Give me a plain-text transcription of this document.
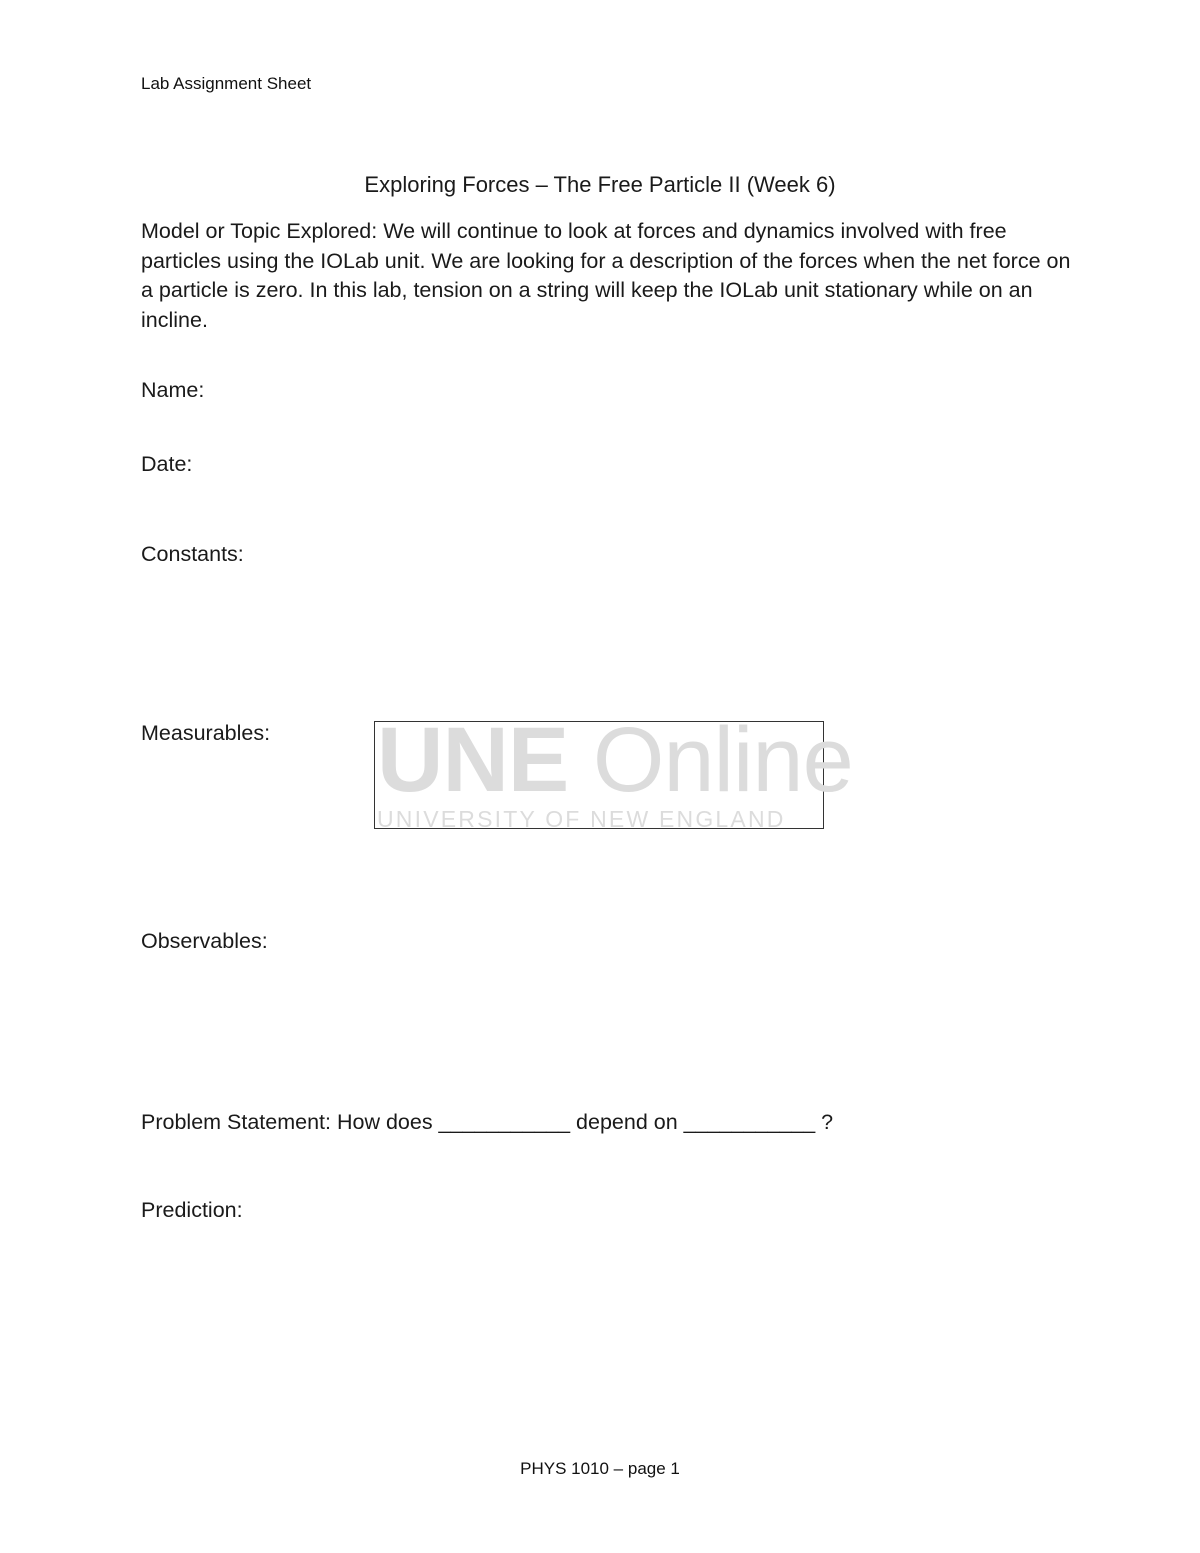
Lab Assignment Sheet
Exploring Forces – The Free Particle II (Week 6)
Model or Topic Explored: We will continue to look at forces and dynamics involved with free particles using the IOLab unit. We are looking for a description of the forces when the net force on a particle is zero. In this lab, tension on a string will keep the IOLab unit stationary while on an incline.
Name:
Date:
Constants:
Measurables: UNE Online
UNIVERSITY OF NEW ENGLAND
Observables:
Problem Statement: How does ___________ depend on ___________ ?
Prediction:
PHYS 1010 – page 1
